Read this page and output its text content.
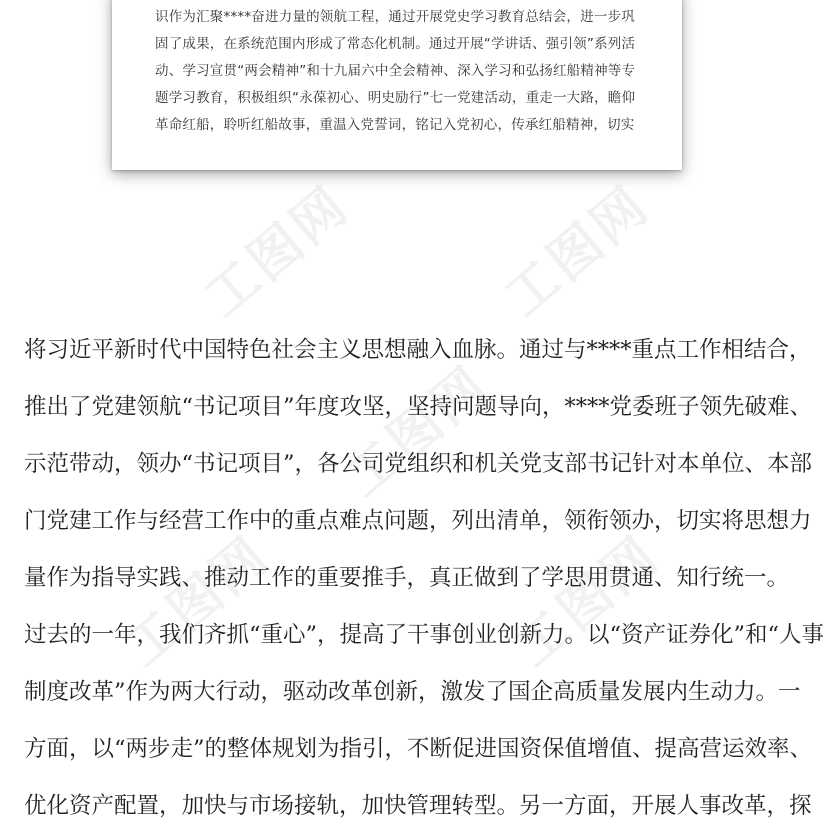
识作为汇聚****奋进力量的领航工程，通过开展党史学习教育总结会，进一步巩
固了成果，在系统范围内形成了常态化机制。通过开展“学讲话、强引领”系列活
动、学习宣贯“两会精神”和十九届六中全会精神、深入学习和弘扬红船精神等专
题学习教育，积极组织“永葆初心、明史励行”七一党建活动，重走一大路，瞻仰
革命红船，聆听红船故事，重温入党誓词，铭记入党初心，传承红船精神，切实
工图网	工图网
工图网
工图网	工图网
将习近平新时代中国特色社会主义思想融入血脉。通过与****重点工作相结合，
推出了党建领航“书记项目”年度攻坚，坚持问题导向，****党委班子领先破难、
示范带动，领办“书记项目”，各公司党组织和机关党支部书记针对本单位、本部
门党建工作与经营工作中的重点难点问题，列出清单，领衔领办，切实将思想力
量作为指导实践、推动工作的重要推手，真正做到了学思用贯通、知行统一。
过去的一年，我们齐抓“重心”，提高了干事创业创新力。以“资产证券化”和“人事
制度改革”作为两大行动，驱动改革创新，激发了国企高质量发展内生动力。一
方面，以“两步走”的整体规划为指引，不断促进国资保值增值、提高营运效率、
优化资产配置，加快与市场接轨，加快管理转型。另一方面，开展人事改革，探
